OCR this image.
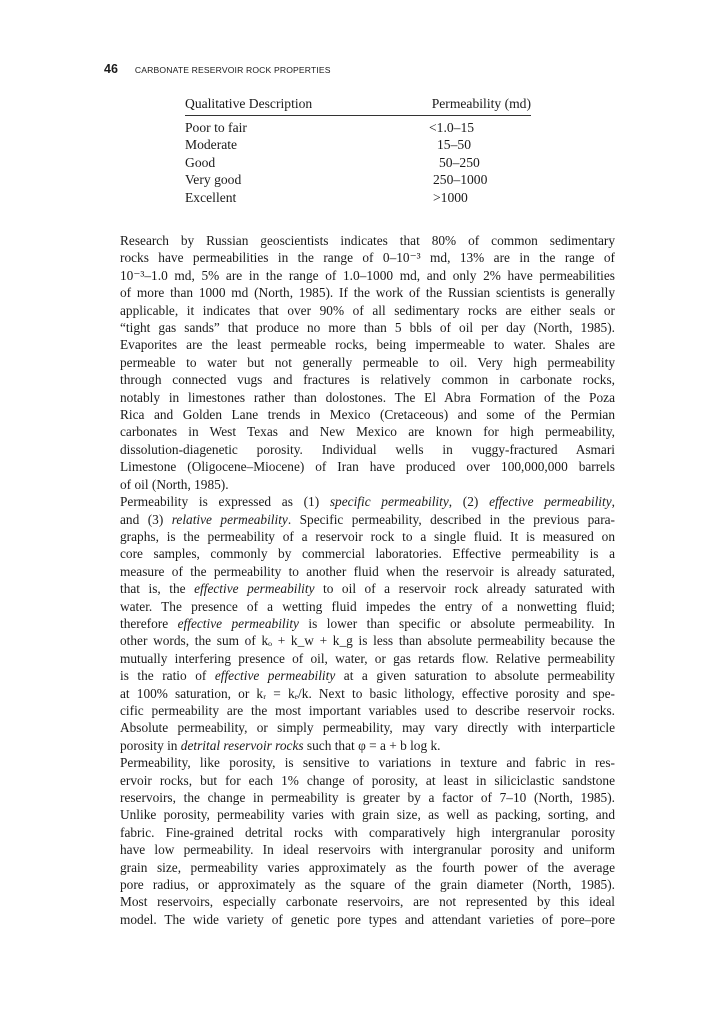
46 CARBONATE RESERVOIR ROCK PROPERTIES
Qualitative Description	Permeability (md)
Poor to fair	<1.0–15
Moderate	15–50
Good	50–250
Very good	250–1000
Excellent	>1000

Research by Russian geoscientists indicates that 80% of common sedimentary
rocks have permeabilities in the range of 0–10⁻³ md, 13% are in the range of
10⁻³–1.0 md, 5% are in the range of 1.0–1000 md, and only 2% have permeabilities
of more than 1000 md (North, 1985). If the work of the Russian scientists is generally
applicable, it indicates that over 90% of all sedimentary rocks are either seals or
“tight gas sands” that produce no more than 5 bbls of oil per day (North, 1985).
Evaporites are the least permeable rocks, being impermeable to water. Shales are
permeable to water but not generally permeable to oil. Very high permeability
through connected vugs and fractures is relatively common in carbonate rocks,
notably in limestones rather than dolostones. The El Abra Formation of the Poza
Rica and Golden Lane trends in Mexico (Cretaceous) and some of the Permian
carbonates in West Texas and New Mexico are known for high permeability,
dissolution-diagenetic porosity. Individual wells in vuggy-fractured Asmari
Limestone (Oligocene–Miocene) of Iran have produced over 100,000,000 barrels
of oil (North, 1985).

Permeability is expressed as (1) specific permeability, (2) effective permeability,
and (3) relative permeability. Specific permeability, described in the previous para-
graphs, is the permeability of a reservoir rock to a single fluid. It is measured on
core samples, commonly by commercial laboratories. Effective permeability is a
measure of the permeability to another fluid when the reservoir is already saturated,
that is, the effective permeability to oil of a reservoir rock already saturated with
water. The presence of a wetting fluid impedes the entry of a nonwetting fluid;
therefore effective permeability is lower than specific or absolute permeability. In
other words, the sum of kₒ + k_w + k_g is less than absolute permeability because the
mutually interfering presence of oil, water, or gas retards flow. Relative permeability
is the ratio of effective permeability at a given saturation to absolute permeability
at 100% saturation, or kᵣ = kₑ/k. Next to basic lithology, effective porosity and spe-
cific permeability are the most important variables used to describe reservoir rocks.
Absolute permeability, or simply permeability, may vary directly with interparticle
porosity in detrital reservoir rocks such that φ = a + b log k.

Permeability, like porosity, is sensitive to variations in texture and fabric in res-
ervoir rocks, but for each 1% change of porosity, at least in siliciclastic sandstone
reservoirs, the change in permeability is greater by a factor of 7–10 (North, 1985).
Unlike porosity, permeability varies with grain size, as well as packing, sorting, and
fabric. Fine-grained detrital rocks with comparatively high intergranular porosity
have low permeability. In ideal reservoirs with intergranular porosity and uniform
grain size, permeability varies approximately as the fourth power of the average
pore radius, or approximately as the square of the grain diameter (North, 1985).
Most reservoirs, especially carbonate reservoirs, are not represented by this ideal
model. The wide variety of genetic pore types and attendant varieties of pore–pore
